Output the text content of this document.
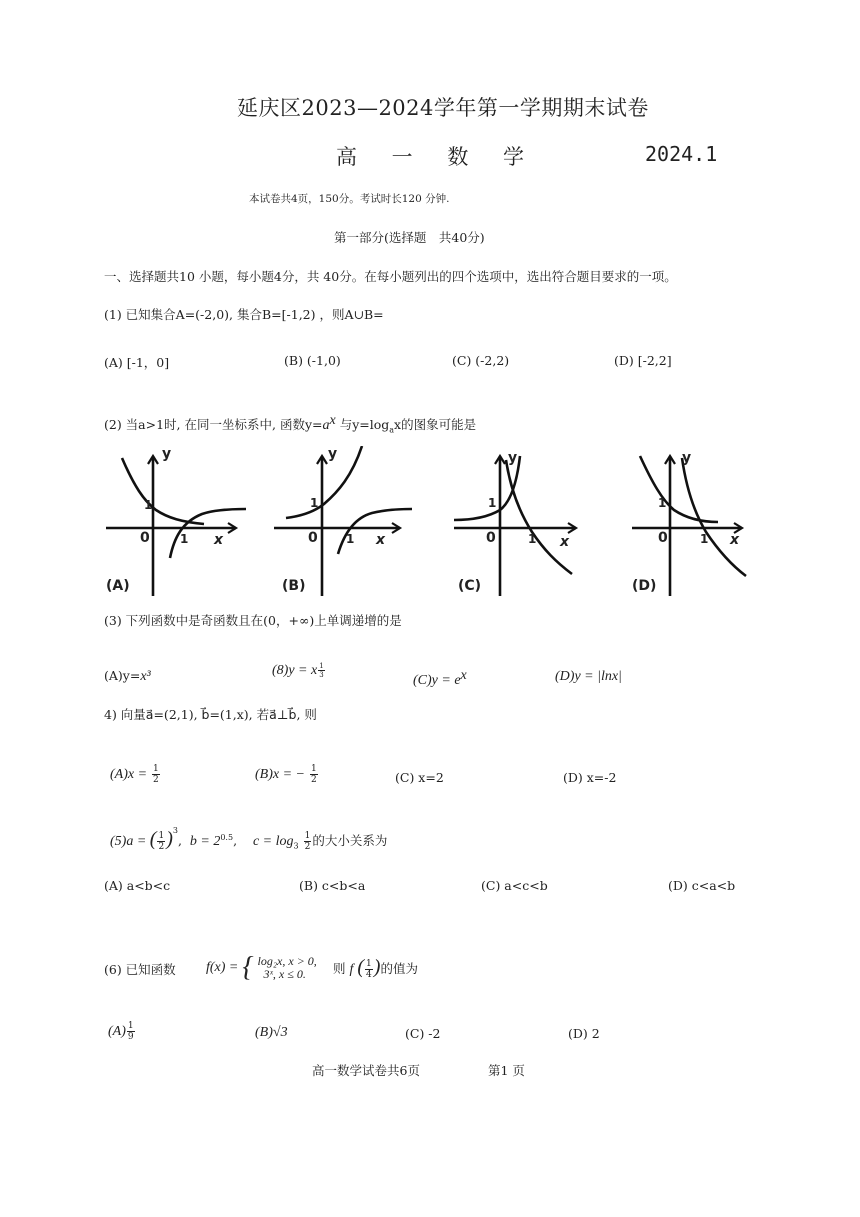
延庆区2023—2024学年第一学期期末试卷
高 一 数 学	2024.1
本试卷共4页，150分。考试时长120 分钟.
第一部分(选择题　共40分)
一、选择题共10 小题，每小题4分，共 40分。在每小题列出的四个选项中，选出符合题目要求的一项。
(1) 已知集合A=(-2,0), 集合B=[-1,2) ，则A∪B=
(A) [-1，0]	(B) (-1,0)	(C) (-2,2)	(D) [-2,2]
(2) 当a>1时, 在同一坐标系中, 函数$y=a^x$ 与$y=\log_ax$的图象可能是
y
1
0	1 x
(A)
y
1
0 1 x
(B)
y
1
0	1 x
(C)
y
1
0	1 x
(D)
(3) 下列函数中是奇函数且在(0，+∞)上单调递增的是
(A)y=x³	(8)y = x $\frac{1}{3}$
$(C)y = e^x$	(D)y = |lnx|
4) 向量a⃗=(2,1), b⃗=(1,x), 若a⃗⊥b⃗, 则
$(A)x = \frac{1}{2}$	(B)x = − $\frac{1}{2}$	(C) x=2	(D) x=-2
(5)a = ( $\frac{1}{2} )^3$,  $b = 2^{0.5}$,    $c = \log_3 \frac{1}{2}$ 的大小关系为
(A) a<b<c	(B) c<b<a	(C) a<c<b	(D) c<a<b
(6) 已知函数 f(x) = { log₂x, x > 0,
3ˣ, x ≤ 0.	则 f ( $\frac{1}{4}$ )的值为
$(A) \frac{1}{9}$	(B)√3	(C) -2	(D) 2
高一数学试卷共6页	第1 页
